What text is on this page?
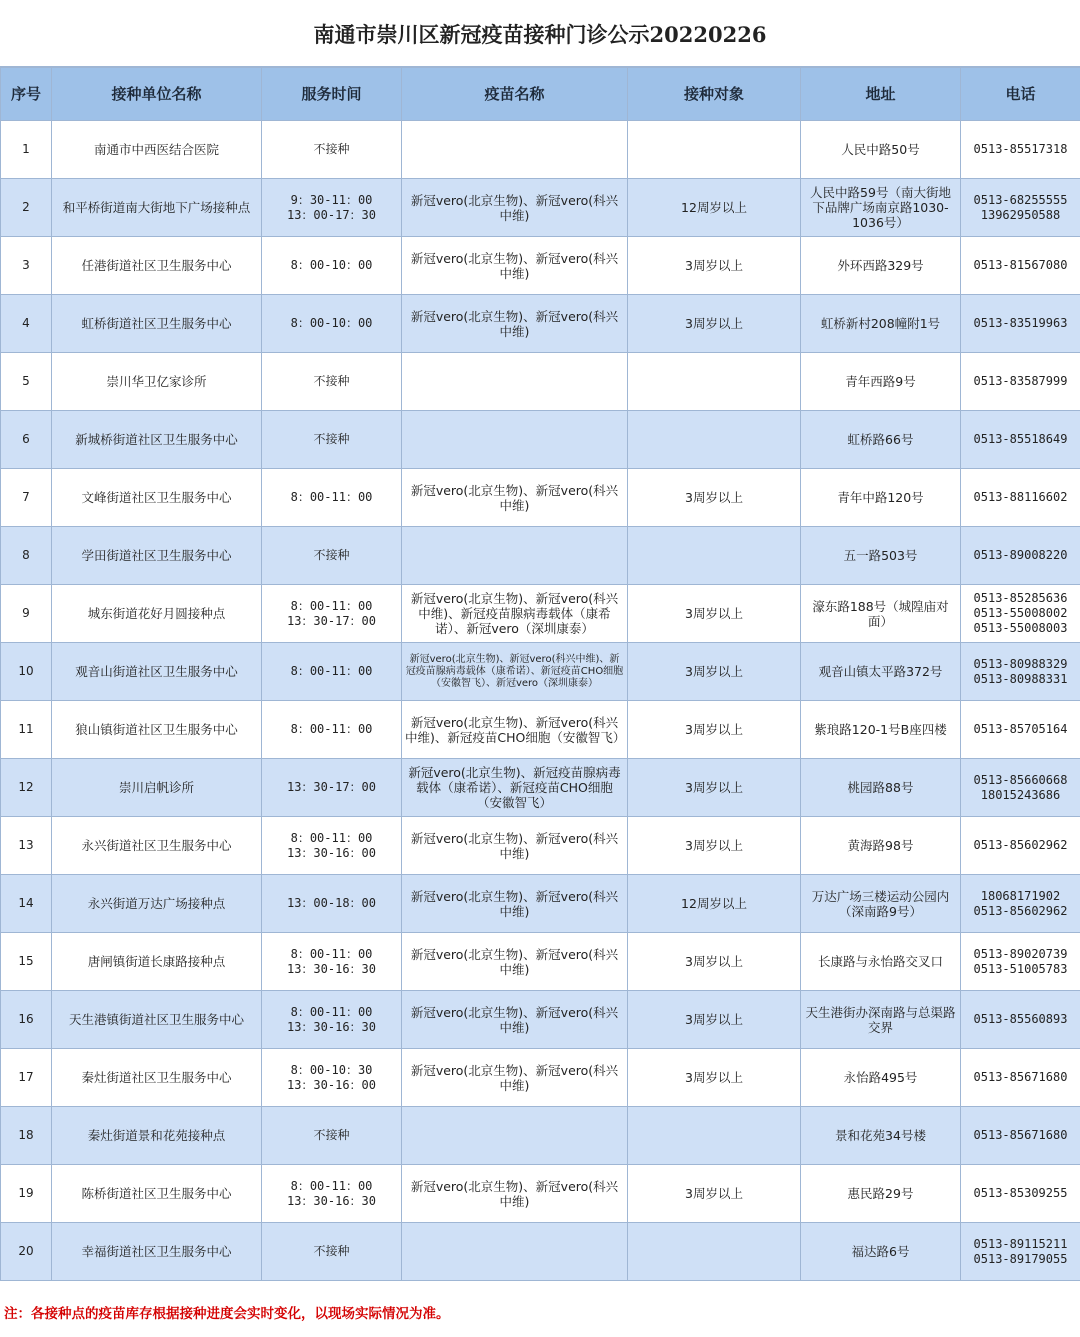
南通市崇川区新冠疫苗接种门诊公示20220226
序号	接种单位名称	服务时间	疫苗名称	接种对象	地址	电话
1	南通市中西医结合医院	不接种			人民中路50号	0513-85517318

2	和平桥街道南大街地下广场接种点	9：30-11：00
13：00-17：30	新冠vero(北京生物)、新冠vero(科兴中维)	12周岁以上	人民中路59号（南大街地下品牌广场南京路1030-1036号）	0513-68255555
13962950588

3	任港街道社区卫生服务中心	8：00-10：00	新冠vero(北京生物)、新冠vero(科兴中维)	3周岁以上	外环西路329号	0513-81567080

4	虹桥街道社区卫生服务中心	8：00-10：00	新冠vero(北京生物)、新冠vero(科兴中维)	3周岁以上	虹桥新村208幢附1号	0513-83519963

5	崇川华卫亿家诊所	不接种			青年西路9号	0513-83587999

6	新城桥街道社区卫生服务中心	不接种			虹桥路66号	0513-85518649

7	文峰街道社区卫生服务中心	8：00-11：00	新冠vero(北京生物)、新冠vero(科兴中维)	3周岁以上	青年中路120号	0513-88116602

8	学田街道社区卫生服务中心	不接种			五一路503号	0513-89008220

9	城东街道花好月圆接种点	8：00-11：00
13：30-17：00	新冠vero(北京生物)、新冠vero(科兴中维)、新冠疫苗腺病毒载体（康希诺）、新冠vero（深圳康泰）	3周岁以上	濠东路188号（城隍庙对面）	0513-85285636
0513-55008002
0513-55008003

10	观音山街道社区卫生服务中心	8：00-11：00	新冠vero(北京生物)、新冠vero(科兴中维)、新冠疫苗腺病毒载体（康希诺）、新冠疫苗CHO细胞（安徽智飞）、新冠vero（深圳康泰）	3周岁以上	观音山镇太平路372号	0513-80988329
0513-80988331

11	狼山镇街道社区卫生服务中心	8：00-11：00	新冠vero(北京生物)、新冠vero(科兴中维)、新冠疫苗CHO细胞（安徽智飞）	3周岁以上	紫琅路120-1号B座四楼	0513-85705164

12	崇川启帆诊所	13：30-17：00	新冠vero(北京生物)、新冠疫苗腺病毒载体（康希诺）、新冠疫苗CHO细胞（安徽智飞）	3周岁以上	桃园路88号	0513-85660668
18015243686

13	永兴街道社区卫生服务中心	8：00-11：00
13：30-16：00	新冠vero(北京生物)、新冠vero(科兴中维)	3周岁以上	黄海路98号	0513-85602962

14	永兴街道万达广场接种点	13：00-18：00	新冠vero(北京生物)、新冠vero(科兴中维)	12周岁以上	万达广场三楼运动公园内（深南路9号）	18068171902
0513-85602962

15	唐闸镇街道长康路接种点	8：00-11：00
13：30-16：30	新冠vero(北京生物)、新冠vero(科兴中维)	3周岁以上	长康路与永怡路交叉口	0513-89020739
0513-51005783

16	天生港镇街道社区卫生服务中心	8：00-11：00
13：30-16：30	新冠vero(北京生物)、新冠vero(科兴中维)	3周岁以上	天生港街办深南路与总渠路交界	0513-85560893

17	秦灶街道社区卫生服务中心	8：00-10：30
13：30-16：00	新冠vero(北京生物)、新冠vero(科兴中维)	3周岁以上	永怡路495号	0513-85671680

18	秦灶街道景和花苑接种点	不接种			景和花苑34号楼	0513-85671680

19	陈桥街道社区卫生服务中心	8：00-11：00
13：30-16：30	新冠vero(北京生物)、新冠vero(科兴中维)	3周岁以上	惠民路29号	0513-85309255

20	幸福街道社区卫生服务中心	不接种			福达路6号	0513-89115211
0513-89179055
注：各接种点的疫苗库存根据接种进度会实时变化，以现场实际情况为准。
